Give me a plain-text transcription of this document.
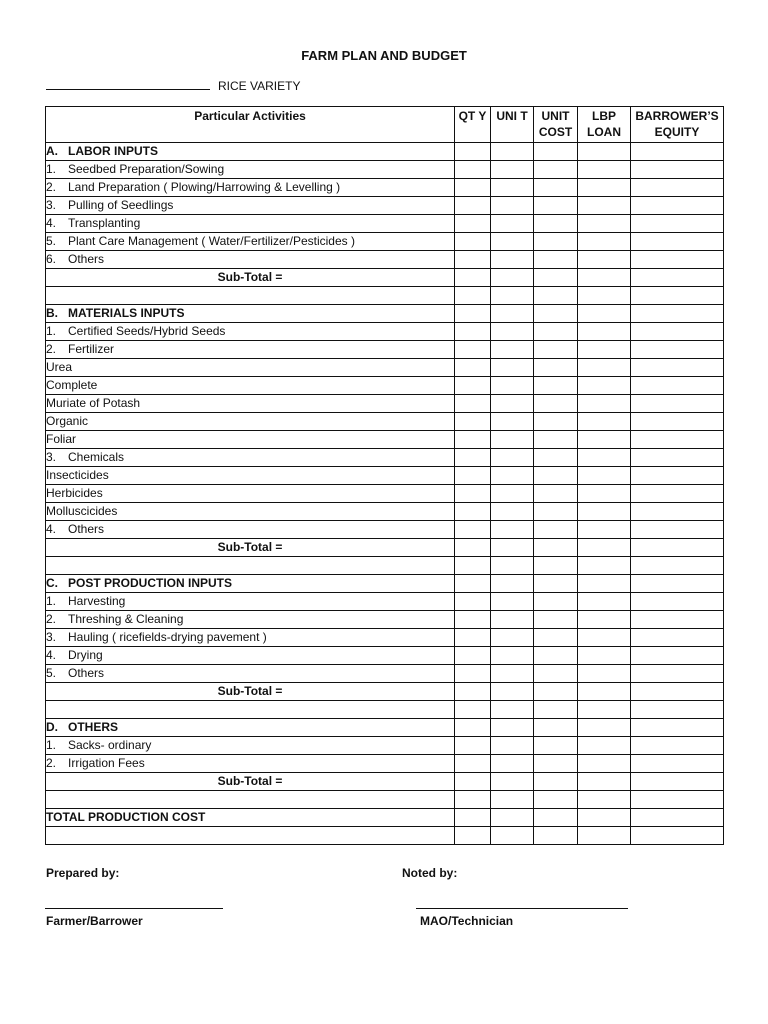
FARM PLAN AND BUDGET
RICE VARIETY
Particular Activities	QT Y	UNI T	UNIT COST	LBP LOAN	BARROWER’S EQUITY
A. LABOR INPUTS					
1. Seedbed Preparation/Sowing					
2. Land Preparation ( Plowing/Harrowing & Levelling )					
3. Pulling of Seedlings					
4. Transplanting					
5. Plant Care Management ( Water/Fertilizer/Pesticides )					
6. Others					
Sub-Total =					

B. MATERIALS INPUTS					
1. Certified Seeds/Hybrid Seeds					
2. Fertilizer					
Urea					
Complete					
Muriate of Potash					
Organic					
Foliar					
3. Chemicals					
Insecticides					
Herbicides					
Molluscicides					
4. Others					
Sub-Total =					

C. POST PRODUCTION INPUTS					
1. Harvesting					
2. Threshing & Cleaning					
3. Hauling ( ricefields-drying pavement )					
4. Drying					
5. Others					
Sub-Total =					

D. OTHERS					
1. Sacks- ordinary					
2. Irrigation Fees					
Sub-Total =					

TOTAL PRODUCTION COST					

Prepared by:	Noted by:
Farmer/Barrower	MAO/Technician
